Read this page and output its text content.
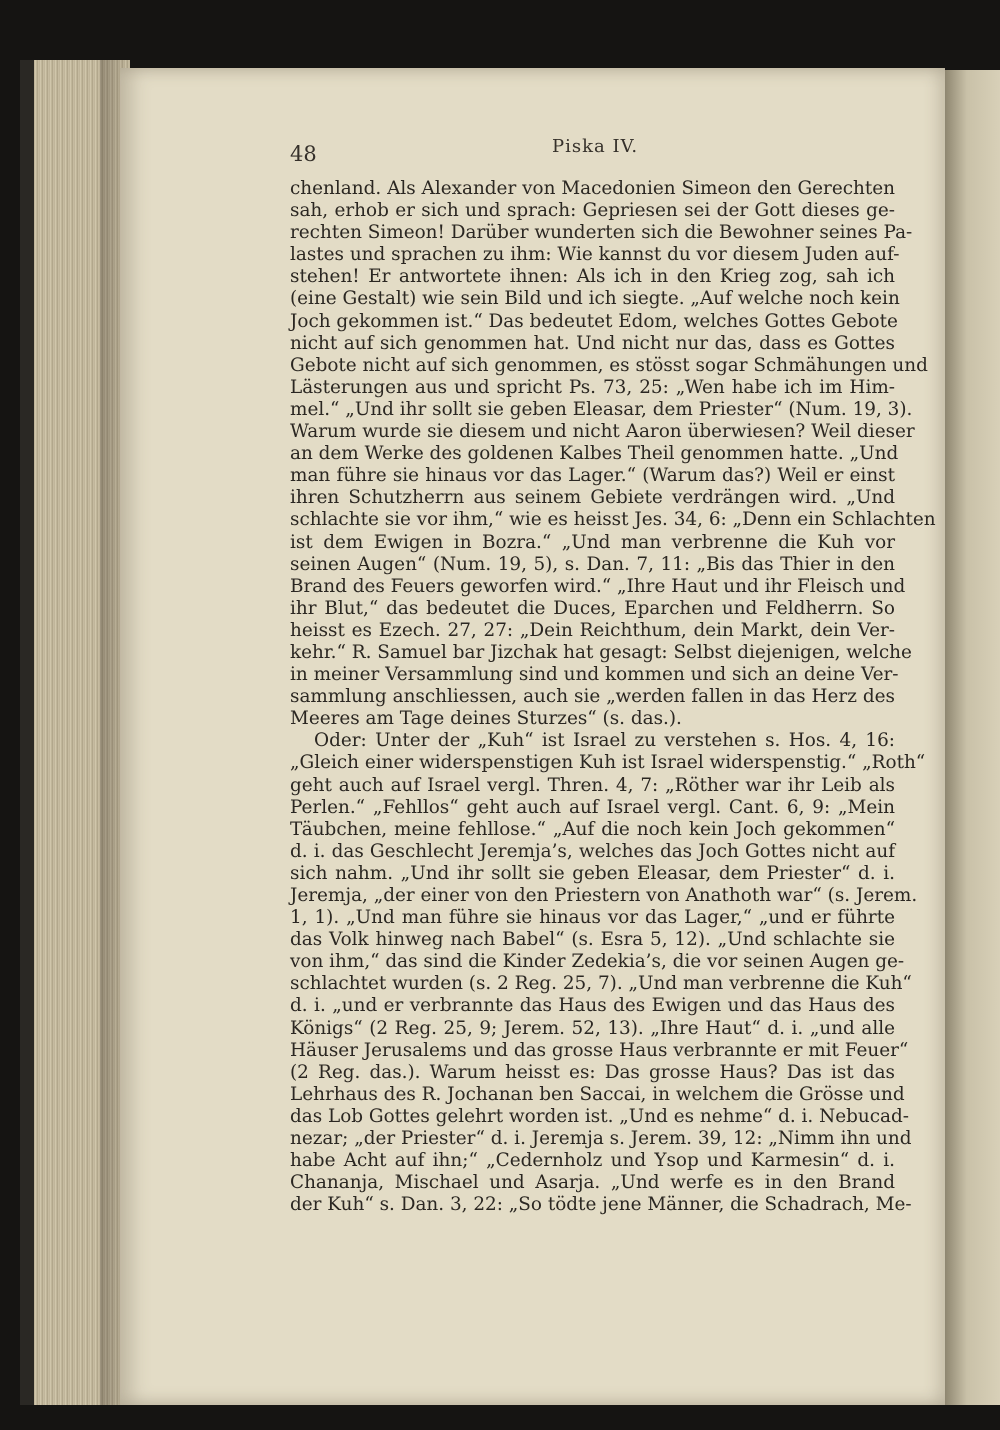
48	Piska IV.
chenland. Als Alexander von Macedonien Simeon den Gerechten
sah, erhob er sich und sprach: Gepriesen sei der Gott dieses ge-
rechten Simeon! Darüber wunderten sich die Bewohner seines Pa-
lastes und sprachen zu ihm: Wie kannst du vor diesem Juden auf-
stehen! Er antwortete ihnen: Als ich in den Krieg zog, sah ich
(eine Gestalt) wie sein Bild und ich siegte. „Auf welche noch kein
Joch gekommen ist.“ Das bedeutet Edom, welches Gottes Gebote
nicht auf sich genommen hat. Und nicht nur das, dass es Gottes
Gebote nicht auf sich genommen, es stösst sogar Schmähungen und
Lästerungen aus und spricht Ps. 73, 25: „Wen habe ich im Him-
mel.“ „Und ihr sollt sie geben Eleasar, dem Priester“ (Num. 19, 3).
Warum wurde sie diesem und nicht Aaron überwiesen? Weil dieser
an dem Werke des goldenen Kalbes Theil genommen hatte. „Und
man führe sie hinaus vor das Lager.“ (Warum das?) Weil er einst
ihren Schutzherrn aus seinem Gebiete verdrängen wird. „Und
schlachte sie vor ihm,“ wie es heisst Jes. 34, 6: „Denn ein Schlachten
ist dem Ewigen in Bozra.“ „Und man verbrenne die Kuh vor
seinen Augen“ (Num. 19, 5), s. Dan. 7, 11: „Bis das Thier in den
Brand des Feuers geworfen wird.“ „Ihre Haut und ihr Fleisch und
ihr Blut,“ das bedeutet die Duces, Eparchen und Feldherrn. So
heisst es Ezech. 27, 27: „Dein Reichthum, dein Markt, dein Ver-
kehr.“ R. Samuel bar Jizchak hat gesagt: Selbst diejenigen, welche
in meiner Versammlung sind und kommen und sich an deine Ver-
sammlung anschliessen, auch sie „werden fallen in das Herz des
Meeres am Tage deines Sturzes“ (s. das.).
Oder: Unter der „Kuh“ ist Israel zu verstehen s. Hos. 4, 16:
„Gleich einer widerspenstigen Kuh ist Israel widerspenstig.“ „Roth“
geht auch auf Israel vergl. Thren. 4, 7: „Röther war ihr Leib als
Perlen.“ „Fehllos“ geht auch auf Israel vergl. Cant. 6, 9: „Mein
Täubchen, meine fehllose.“ „Auf die noch kein Joch gekommen“
d. i. das Geschlecht Jeremja’s, welches das Joch Gottes nicht auf
sich nahm. „Und ihr sollt sie geben Eleasar, dem Priester“ d. i.
Jeremja, „der einer von den Priestern von Anathoth war“ (s. Jerem.
1, 1). „Und man führe sie hinaus vor das Lager,“ „und er führte
das Volk hinweg nach Babel“ (s. Esra 5, 12). „Und schlachte sie
von ihm,“ das sind die Kinder Zedekia’s, die vor seinen Augen ge-
schlachtet wurden (s. 2 Reg. 25, 7). „Und man verbrenne die Kuh“
d. i. „und er verbrannte das Haus des Ewigen und das Haus des
Königs“ (2 Reg. 25, 9; Jerem. 52, 13). „Ihre Haut“ d. i. „und alle
Häuser Jerusalems und das grosse Haus verbrannte er mit Feuer“
(2 Reg. das.). Warum heisst es: Das grosse Haus? Das ist das
Lehrhaus des R. Jochanan ben Saccai, in welchem die Grösse und
das Lob Gottes gelehrt worden ist. „Und es nehme“ d. i. Nebucad-
nezar; „der Priester“ d. i. Jeremja s. Jerem. 39, 12: „Nimm ihn und
habe Acht auf ihn;“ „Cedernholz und Ysop und Karmesin“ d. i.
Chananja, Mischael und Asarja. „Und werfe es in den Brand
der Kuh“ s. Dan. 3, 22: „So tödte jene Männer, die Schadrach, Me-
